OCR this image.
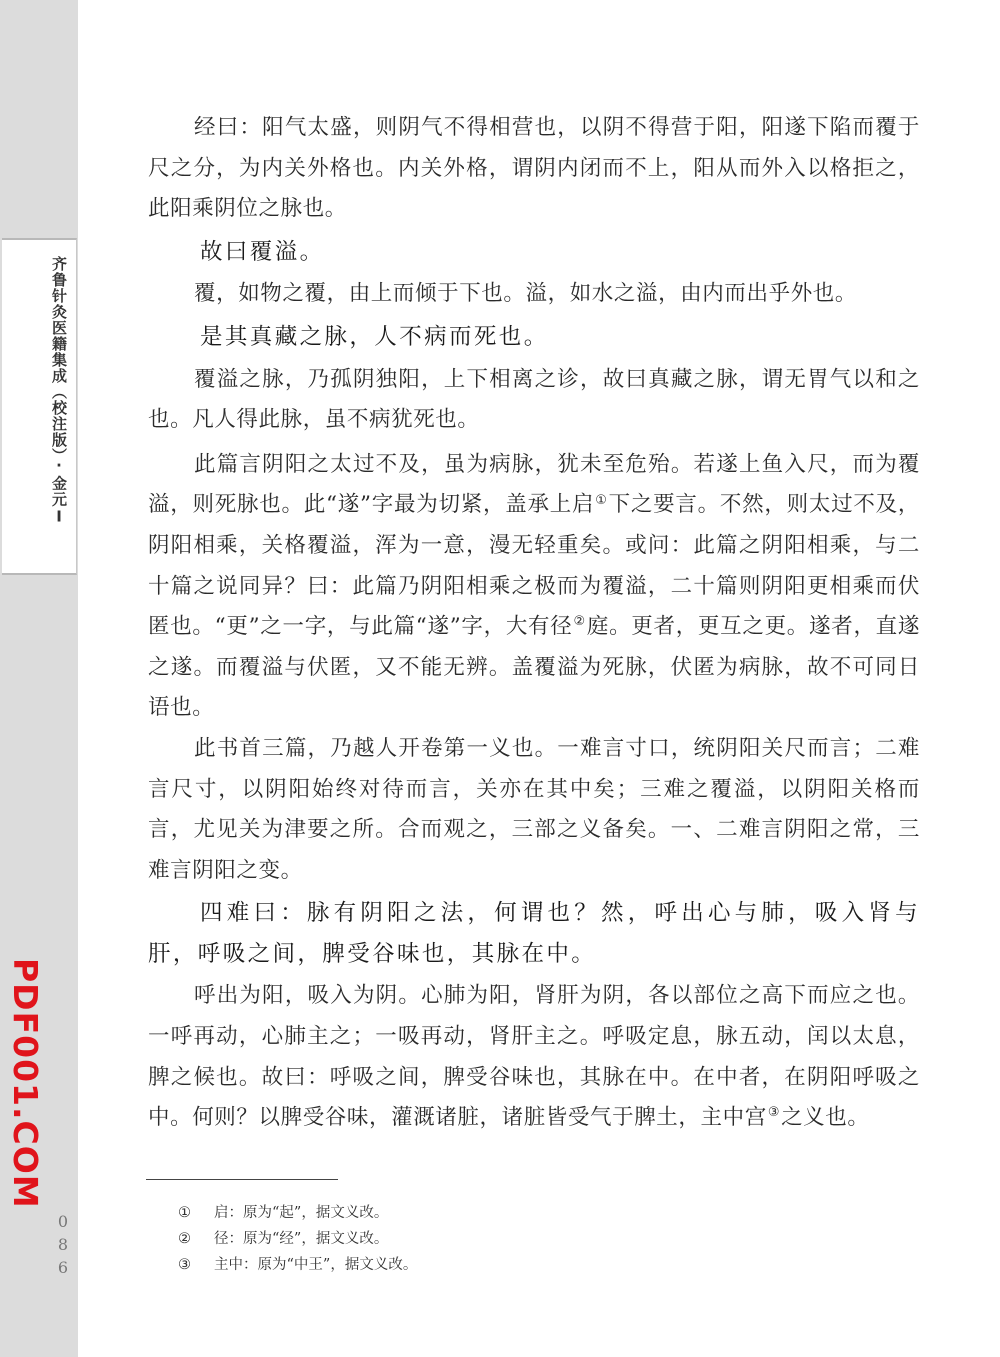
齐鲁针灸医籍集成（校注版）·金元Ⅰ
PDF001.COM
0
8
6

经曰：阳气太盛，则阴气不得相营也，以阴不得营于阳，阳遂下陷而覆于尺之分，为内关外格也。内关外格，谓阴内闭而不上，阳从而外入以格拒之，此阳乘阴位之脉也。

故曰覆溢。

覆，如物之覆，由上而倾于下也。溢，如水之溢，由内而出乎外也。

是其真藏之脉，人不病而死也。

覆溢之脉，乃孤阴独阳，上下相离之诊，故曰真藏之脉，谓无胃气以和之也。凡人得此脉，虽不病犹死也。

此篇言阴阳之太过不及，虽为病脉，犹未至危殆。若遂上鱼入尺，而为覆溢，则死脉也。此“遂”字最为切紧，盖承上启①下之要言。不然，则太过不及，阴阳相乘，关格覆溢，浑为一意，漫无轻重矣。或问：此篇之阴阳相乘，与二十篇之说同异？曰：此篇乃阴阳相乘之极而为覆溢，二十篇则阴阳更相乘而伏匿也。“更”之一字，与此篇“遂”字，大有径②庭。更者，更互之更。遂者，直遂之遂。而覆溢与伏匿，又不能无辨。盖覆溢为死脉，伏匿为病脉，故不可同日语也。

此书首三篇，乃越人开卷第一义也。一难言寸口，统阴阳关尺而言；二难言尺寸，以阴阳始终对待而言，关亦在其中矣；三难之覆溢，以阴阳关格而言，尤见关为津要之所。合而观之，三部之义备矣。一、二难言阴阳之常，三难言阴阳之变。

四难曰：脉有阴阳之法，何谓也？然，呼出心与肺，吸入肾与肝，呼吸之间，脾受谷味也，其脉在中。

呼出为阳，吸入为阴。心肺为阳，肾肝为阴，各以部位之高下而应之也。一呼再动，心肺主之；一吸再动，肾肝主之。呼吸定息，脉五动，闰以太息，脾之候也。故曰：呼吸之间，脾受谷味也，其脉在中。在中者，在阴阳呼吸之中。何则？以脾受谷味，灌溉诸脏，诸脏皆受气于脾土，主中宫③之义也。

①	启：原为“起”，据文义改。
②	径：原为“经”，据文义改。
③	主中：原为“中王”，据文义改。
